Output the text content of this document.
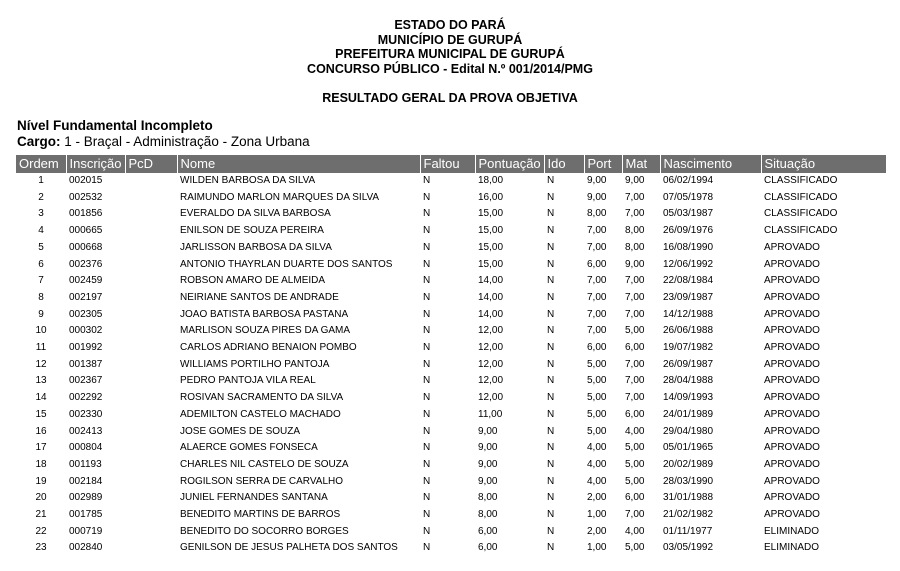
ESTADO DO PARÁ
MUNICÍPIO DE GURUPÁ
PREFEITURA MUNICIPAL DE GURUPÁ
CONCURSO PÚBLICO - Edital N.º 001/2014/PMG
RESULTADO GERAL DA PROVA OBJETIVA
Nível Fundamental Incompleto
Cargo: 1 - Braçal - Administração - Zona Urbana
Ordem	Inscrição	PcD	Nome	Faltou	Pontuação	Ido	Port	Mat	Nascimento	Situação
1	002015		WILDEN BARBOSA DA SILVA	N	18,00	N	9,00	9,00	06/02/1994	CLASSIFICADO
2	002532		RAIMUNDO MARLON MARQUES DA SILVA	N	16,00	N	9,00	7,00	07/05/1978	CLASSIFICADO
3	001856		EVERALDO DA SILVA BARBOSA	N	15,00	N	8,00	7,00	05/03/1987	CLASSIFICADO
4	000665		ENILSON DE SOUZA PEREIRA	N	15,00	N	7,00	8,00	26/09/1976	CLASSIFICADO
5	000668		JARLISSON BARBOSA DA SILVA	N	15,00	N	7,00	8,00	16/08/1990	APROVADO
6	002376		ANTONIO THAYRLAN DUARTE DOS SANTOS	N	15,00	N	6,00	9,00	12/06/1992	APROVADO
7	002459		ROBSON AMARO DE ALMEIDA	N	14,00	N	7,00	7,00	22/08/1984	APROVADO
8	002197		NEIRIANE SANTOS DE ANDRADE	N	14,00	N	7,00	7,00	23/09/1987	APROVADO
9	002305		JOAO BATISTA BARBOSA PASTANA	N	14,00	N	7,00	7,00	14/12/1988	APROVADO
10	000302		MARLISON SOUZA PIRES DA GAMA	N	12,00	N	7,00	5,00	26/06/1988	APROVADO
11	001992		CARLOS ADRIANO BENAION POMBO	N	12,00	N	6,00	6,00	19/07/1982	APROVADO
12	001387		WILLIAMS PORTILHO PANTOJA	N	12,00	N	5,00	7,00	26/09/1987	APROVADO
13	002367		PEDRO PANTOJA VILA REAL	N	12,00	N	5,00	7,00	28/04/1988	APROVADO
14	002292		ROSIVAN SACRAMENTO DA SILVA	N	12,00	N	5,00	7,00	14/09/1993	APROVADO
15	002330		ADEMILTON CASTELO MACHADO	N	11,00	N	5,00	6,00	24/01/1989	APROVADO
16	002413		JOSE GOMES DE SOUZA	N	9,00	N	5,00	4,00	29/04/1980	APROVADO
17	000804		ALAERCE GOMES FONSECA	N	9,00	N	4,00	5,00	05/01/1965	APROVADO
18	001193		CHARLES NIL CASTELO DE SOUZA	N	9,00	N	4,00	5,00	20/02/1989	APROVADO
19	002184		ROGILSON SERRA DE CARVALHO	N	9,00	N	4,00	5,00	28/03/1990	APROVADO
20	002989		JUNIEL FERNANDES SANTANA	N	8,00	N	2,00	6,00	31/01/1988	APROVADO
21	001785		BENEDITO MARTINS DE BARROS	N	8,00	N	1,00	7,00	21/02/1982	APROVADO
22	000719		BENEDITO DO SOCORRO BORGES	N	6,00	N	2,00	4,00	01/11/1977	ELIMINADO
23	002840		GENILSON DE JESUS PALHETA DOS SANTOS	N	6,00	N	1,00	5,00	03/05/1992	ELIMINADO
